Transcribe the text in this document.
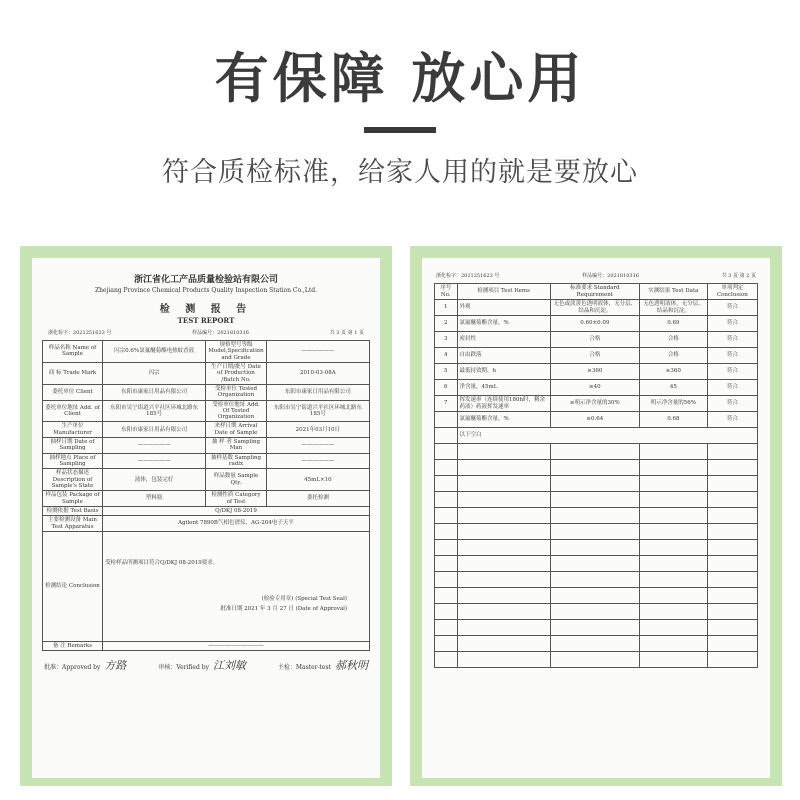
有保障 放心用
符合质检标准，给家人用的就是要放心
浙江省化工产品质量检验站有限公司
Zhejiang Province Chemical Products Quality Inspection Station Co.,Ltd.
检 测 报 告
TEST REPORT
浙化检字：2021251623 号	样品编号：2021810316	共 3 页 第 1 页
样品名称 Name of Sample	闪宗0.6%氯氟醚菊酯电热蚊香液	规格型号等级 Model,Specification and Grade	——————
商 标 Trade Mark	闪宗	生产日期/批号 Date of Production /Batch No.	2010-03-08A
委托单位 Client	东阳市康家日用品有限公司	受检单位 Tested Organization	东阳市康家日用品有限公司
委托单位地址 Add. of Client	东阳市吴宁街道兴平社区环城北路东185号	受检单位地址 Add. Of Tested Organization	东阳市吴宁街道兴平社区环城北路东185号
生产单位 Manufacturer	东阳市康家日用品有限公司	来样日期 Arrival Date of Sample	2021年03月10日
抽样日期 Date of Sampling	——————	抽 样 者 Sampling Man	——————
抽样地点 Place of Sampling	——————	抽样基数 Sampling radix	——————
样品状态描述 Description of Sample's State	液体，包装完好	样品数量 Sample Qty.	45mL×10
样品包装 Package of Sample	塑料瓶	检测性质 Category of Test	委托检测
检测依据 Test Basis	Q/DKJ 08-2019		
主要检测设备 Main Test Apparatus	Agilent 7890B气相色谱仪、AG-204电子天平		
检测结论 Conclusion	受检样品所测项目符合Q/DKJ 08-2019要求。
(检验专用章) (Special Test Seal)
批准日期 2021 年 3 月 27 日 (Date of Approval)		

备 注 Remarks	——————————		
批准：Approved by 方路	审核：Verified by 江刘敏	主检：Master-test 郝秋明
浙化检字：2021251623 号	样品编号：2021810316	共 3 页 第 2 页
序号 No.	检测项目 Test Items	标准要求 Standard Requirement	实测结果 Test Data	单项判定 Conclusion
1	外观	无色或淡黄色透明液体，无分层、结晶和沉淀。	无色透明液体，无分层、结晶和沉淀。	符合
2	氯氟醚菊酯含量，%	0.60±0.09	0.69	符合
3	密封性	合格	合格	符合
4	自由跌落	合格	合格	符合
5	最低持效期，h	≥360	≥360	符合
6	净含量，45mL	≥40	45	符合
7	挥发速率（连续使用180h时，剩余药液）药液挥发速率	≥明示净含量的30%	明示净含量的56%	符合
	氯氟醚菊酯含量，%	≥0.64	0.68	符合
	以下空白			
